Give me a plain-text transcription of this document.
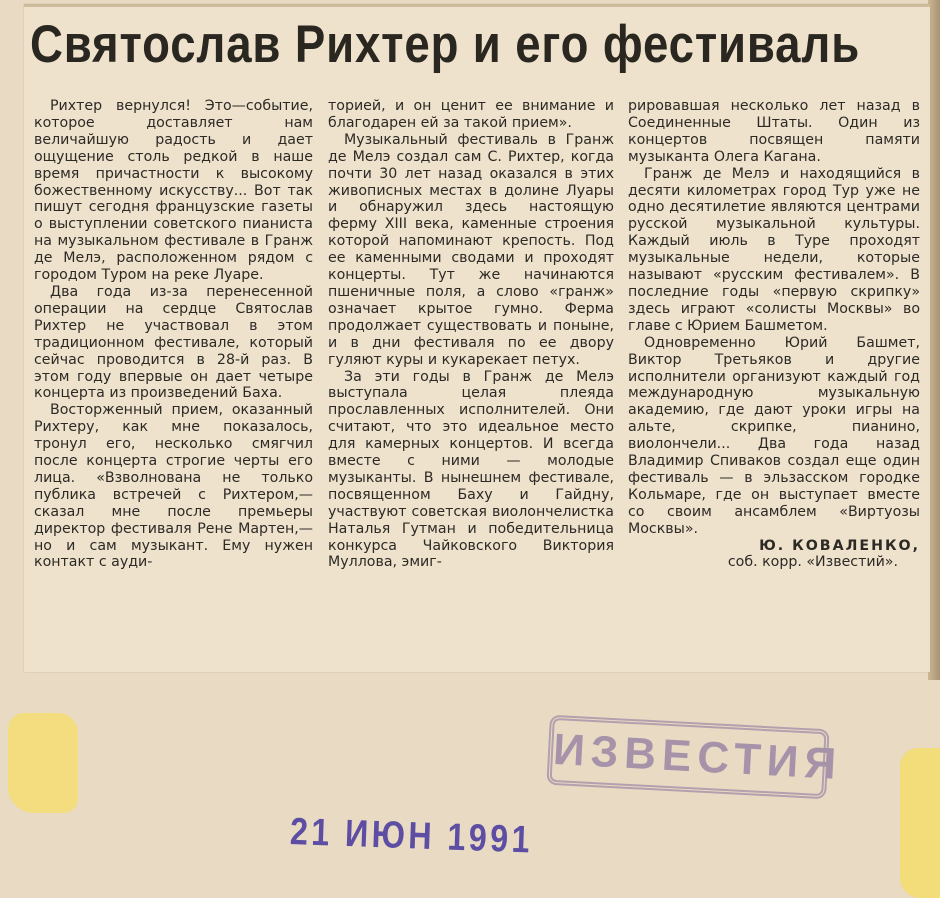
Святослав Рихтер и его фестиваль

Рихтер вернулся! Это—событие, которое доставляет нам величайшую радость и дает ощущение столь редкой в наше время причастности к высокому божественному искусству... Вот так пишут сегодня французские газеты о выступлении советского пианиста на музыкальном фестивале в Гранж де Мелэ, расположенном рядом с городом Туром на реке Луаре.

Два года из-за перенесенной операции на сердце Святослав Рихтер не участвовал в этом традиционном фестивале, который сейчас проводится в 28-й раз. В этом году впервые он дает четыре концерта из произведений Баха.

Восторженный прием, оказанный Рихтеру, как мне показалось, тронул его, несколько смягчил после концерта строгие черты его лица. «Взволнована не только публика встречей с Рихтером,— сказал мне после премьеры директор фестиваля Рене Мартен,— но и сам музыкант. Ему нужен контакт с ауди-

торией, и он ценит ее внимание и благодарен ей за такой прием».

Музыкальный фестиваль в Гранж де Мелэ создал сам С. Рихтер, когда почти 30 лет назад оказался в этих живописных местах в долине Луары и обнаружил здесь настоящую ферму XIII века, каменные строения которой напоминают крепость. Под ее каменными сводами и проходят концерты. Тут же начинаются пшеничные поля, а слово «гранж» означает крытое гумно. Ферма продолжает существовать и поныне, и в дни фестиваля по ее двору гуляют куры и кукарекает петух.

За эти годы в Гранж де Мелэ выступала целая плеяда прославленных исполнителей. Они считают, что это идеальное место для камерных концертов. И всегда вместе с ними — молодые музыканты. В нынешнем фестивале, посвященном Баху и Гайдну, участвуют советская виолончелистка Наталья Гутман и победительница конкурса Чайковского Виктория Муллова, эмиг-

рировавшая несколько лет назад в Соединенные Штаты. Один из концертов посвящен памяти музыканта Олега Кагана.

Гранж де Мелэ и находящийся в десяти километрах город Тур уже не одно десятилетие являются центрами русской музыкальной культуры. Каждый июль в Туре проходят музыкальные недели, которые называют «русским фестивалем». В последние годы «первую скрипку» здесь играют «солисты Москвы» во главе с Юрием Башметом.

Одновременно Юрий Башмет, Виктор Третьяков и другие исполнители организуют каждый год международную музыкальную академию, где дают уроки игры на альте, скрипке, пианино, виолончели... Два года назад Владимир Спиваков создал еще один фестиваль — в эльзасском городке Кольмаре, где он выступает вместе со своим ансамблем «Виртуозы Москвы».

Ю. КОВАЛЕНКО,

соб. корр. «Известий».

ИЗВЕСТИЯ
21 ИЮН 1991
